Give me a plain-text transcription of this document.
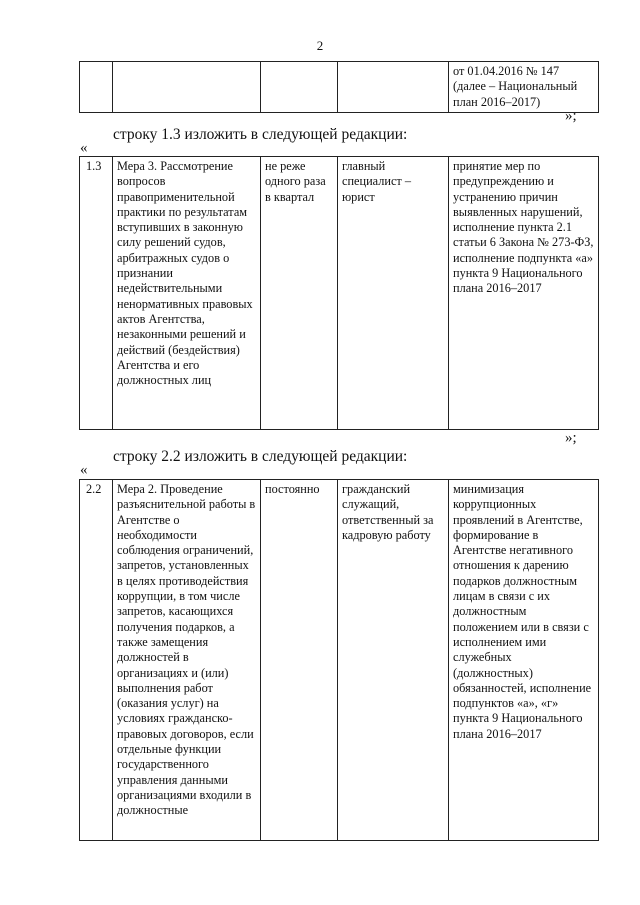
2
				от 01.04.2016 № 147 (далее – Национальный план 2016–2017)
»;
строку 1.3 изложить в следующей редакции:
«
1.3	Мера 3. Рассмотрение вопросов правоприменительной практики по результатам вступивших в законную силу решений судов, арбитражных судов о признании недействительными ненормативных правовых актов Агентства, незаконными решений и действий (бездействия) Агентства и его должностных лиц	не реже одного раза в квартал	главный специалист – юрист	принятие мер по предупреждению и устранению причин выявленных нарушений, исполнение пункта 2.1 статьи 6 Закона № 273-ФЗ, исполнение подпункта «а» пункта 9 Национального плана 2016–2017
»;
строку 2.2 изложить в следующей редакции:
«
2.2	Мера 2. Проведение разъяснительной работы в Агентстве о необходимости соблюдения ограничений, запретов, установленных в целях противодействия коррупции, в том числе запретов, касающихся получения подарков, а также замещения должностей в организациях и (или) выполнения работ (оказания услуг) на условиях гражданско-правовых договоров, если отдельные функции государственного управления данными организациями входили в должностные	постоянно	гражданский служащий, ответственный за кадровую работу	минимизация коррупционных проявлений в Агентстве, формирование в Агентстве негативного отношения к дарению подарков должностным лицам в связи с их должностным положением или в связи с исполнением ими служебных (должностных) обязанностей, исполнение подпунктов «а», «г» пункта 9 Национального плана 2016–2017
